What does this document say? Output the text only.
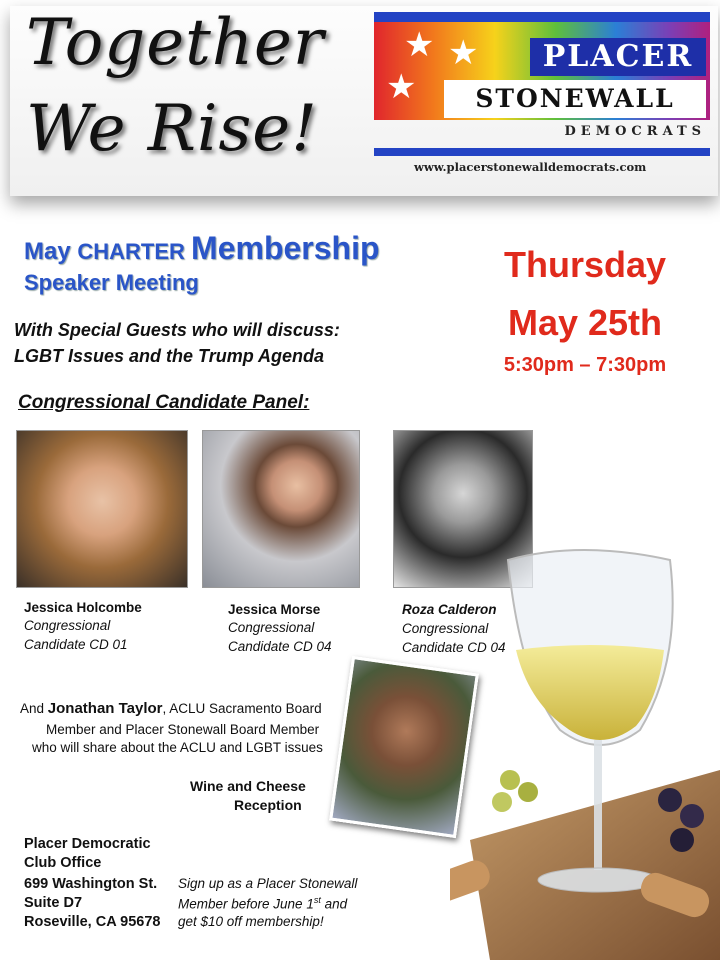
Together
We Rise!
★ ★
★
PLACER
STONEWALL
DEMOCRATS
www.placerstonewalldemocrats.com
May CHARTER Membership
Speaker Meeting
With Special Guests who will discuss:
LGBT Issues and the Trump Agenda
Thursday
May 25th
5:30pm – 7:30pm
Congressional Candidate Panel:
Jessica Holcombe
Congressional
Candidate CD 01
Jessica Morse
Congressional
Candidate CD 04
Roza Calderon
Congressional
Candidate CD 04
And Jonathan Taylor, ACLU Sacramento Board
Member and Placer Stonewall Board Member
who will share about the ACLU and LGBT issues
Wine and Cheese
Reception
Placer Democratic
Club Office
699 Washington St.
Suite D7
Roseville, CA 95678
Sign up as a Placer Stonewall
Member before June 1st and
get $10 off membership!
